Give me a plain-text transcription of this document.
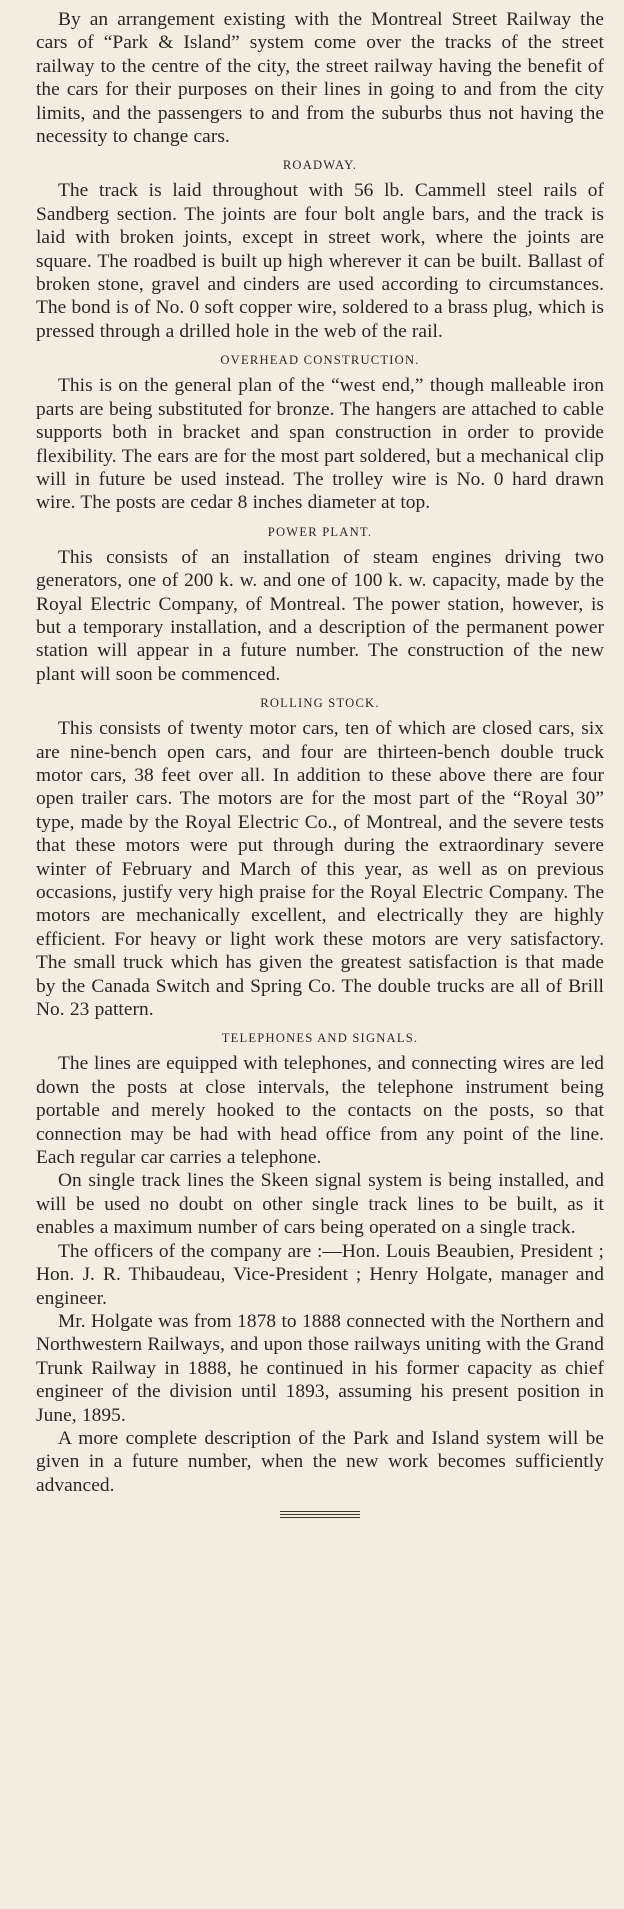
By an arrangement existing with the Montreal Street Railway the cars of “Park & Island” system come over the tracks of the street railway to the centre of the city, the street railway having the benefit of the cars for their purposes on their lines in going to and from the city limits, and the passengers to and from the suburbs thus not having the necessity to change cars.

ROADWAY.

The track is laid throughout with 56 lb. Cammell steel rails of Sandberg section. The joints are four bolt angle bars, and the track is laid with broken joints, except in street work, where the joints are square. The roadbed is built up high wherever it can be built. Ballast of broken stone, gravel and cinders are used according to circumstances. The bond is of No. 0 soft copper wire, soldered to a brass plug, which is pressed through a drilled hole in the web of the rail.

OVERHEAD CONSTRUCTION.

This is on the general plan of the “west end,” though malleable iron parts are being substituted for bronze. The hangers are attached to cable supports both in bracket and span construction in order to provide flexibility. The ears are for the most part soldered, but a mechanical clip will in future be used instead. The trolley wire is No. 0 hard drawn wire. The posts are cedar 8 inches diameter at top.

POWER PLANT.

This consists of an installation of steam engines driving two generators, one of 200 k. w. and one of 100 k. w. capacity, made by the Royal Electric Company, of Montreal. The power station, however, is but a temporary installation, and a description of the permanent power station will appear in a future number. The construction of the new plant will soon be commenced.

ROLLING STOCK.

This consists of twenty motor cars, ten of which are closed cars, six are nine-bench open cars, and four are thirteen-bench double truck motor cars, 38 feet over all. In addition to these above there are four open trailer cars. The motors are for the most part of the “Royal 30” type, made by the Royal Electric Co., of Montreal, and the severe tests that these motors were put through during the extraordinary severe winter of February and March of this year, as well as on previous occasions, justify very high praise for the Royal Electric Company. The motors are mechanically excellent, and electrically they are highly efficient. For heavy or light work these motors are very satisfactory. The small truck which has given the greatest satisfaction is that made by the Canada Switch and Spring Co. The double trucks are all of Brill No. 23 pattern.

TELEPHONES AND SIGNALS.

The lines are equipped with telephones, and connecting wires are led down the posts at close intervals, the telephone instrument being portable and merely hooked to the contacts on the posts, so that connection may be had with head office from any point of the line. Each regular car carries a telephone.

On single track lines the Skeen signal system is being installed, and will be used no doubt on other single track lines to be built, as it enables a maximum number of cars being operated on a single track.

The officers of the company are :—Hon. Louis Beaubien, President ; Hon. J. R. Thibaudeau, Vice-President ; Henry Holgate, manager and engineer.

Mr. Holgate was from 1878 to 1888 connected with the Northern and Northwestern Railways, and upon those railways uniting with the Grand Trunk Railway in 1888, he continued in his former capacity as chief engineer of the division until 1893, assuming his present position in June, 1895.

A more complete description of the Park and Island system will be given in a future number, when the new work becomes sufficiently advanced.
